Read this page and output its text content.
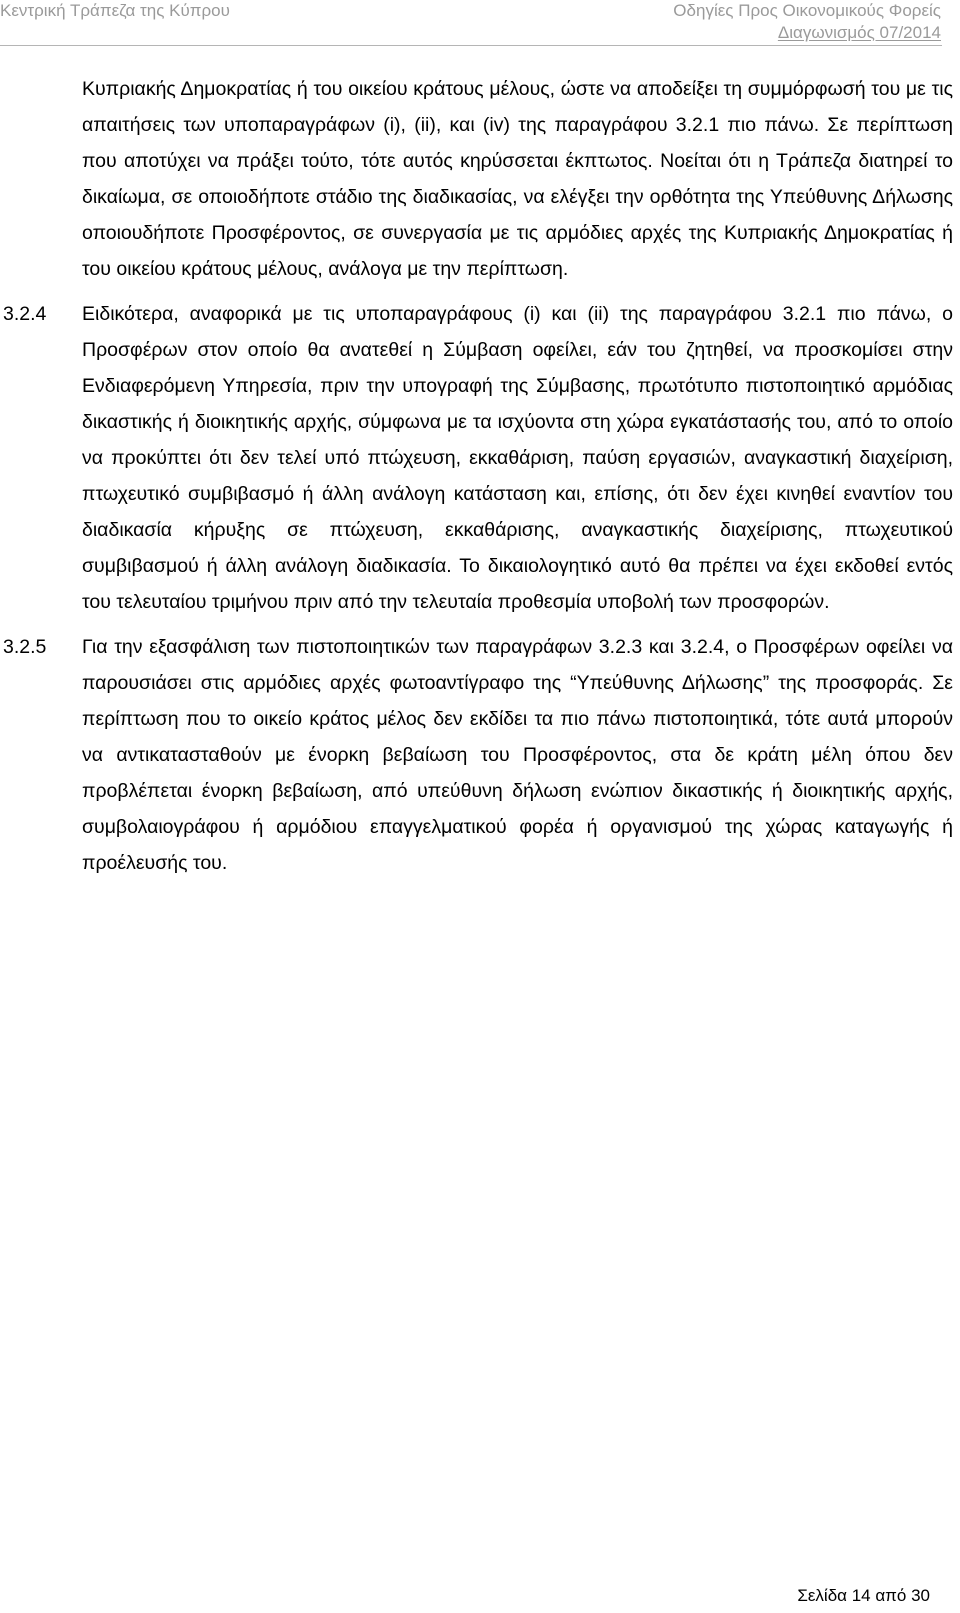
Κεντρική Τράπεζα της Κύπρου	Οδηγίες Προς Οικονομικούς Φορείς
Διαγωνισμός 07/2014

Κυπριακής Δημοκρατίας ή του οικείου κράτους μέλους, ώστε να αποδείξει τη συμμόρφωσή του με τις απαιτήσεις των υποπαραγράφων (i), (ii), και (iv) της παραγράφου 3.2.1 πιο πάνω. Σε περίπτωση που αποτύχει να πράξει τούτο, τότε αυτός κηρύσσεται έκπτωτος. Νοείται ότι η Τράπεζα διατηρεί το δικαίωμα, σε οποιοδήποτε στάδιο της διαδικασίας, να ελέγξει την ορθότητα της Υπεύθυνης Δήλωσης οποιουδήποτε Προσφέροντος, σε συνεργασία με τις αρμόδιες αρχές της Κυπριακής Δημοκρατίας ή του οικείου κράτους μέλους, ανάλογα με την περίπτωση.

3.2.4	Ειδικότερα, αναφορικά με τις υποπαραγράφους (i) και (ii) της παραγράφου 3.2.1 πιο πάνω, ο Προσφέρων στον οποίο θα ανατεθεί η Σύμβαση οφείλει, εάν του ζητηθεί, να προσκομίσει στην Ενδιαφερόμενη Υπηρεσία, πριν την υπογραφή της Σύμβασης, πρωτότυπο πιστοποιητικό αρμόδιας δικαστικής ή διοικητικής αρχής, σύμφωνα με τα ισχύοντα στη χώρα εγκατάστασής του, από το οποίο να προκύπτει ότι δεν τελεί υπό πτώχευση, εκκαθάριση, παύση εργασιών, αναγκαστική διαχείριση, πτωχευτικό συμβιβασμό ή άλλη ανάλογη κατάσταση και, επίσης, ότι δεν έχει κινηθεί εναντίον του διαδικασία κήρυξης σε πτώχευση, εκκαθάρισης, αναγκαστικής διαχείρισης, πτωχευτικού συμβιβασμού ή άλλη ανάλογη διαδικασία. Το δικαιολογητικό αυτό θα πρέπει να έχει εκδοθεί εντός του τελευταίου τριμήνου πριν από την τελευταία προθεσμία υποβολή των προσφορών.
3.2.5	Για την εξασφάλιση των πιστοποιητικών των παραγράφων 3.2.3 και 3.2.4, ο Προσφέρων οφείλει να παρουσιάσει στις αρμόδιες αρχές φωτοαντίγραφο της “Υπεύθυνης Δήλωσης” της προσφοράς. Σε περίπτωση που το οικείο κράτος μέλος δεν εκδίδει τα πιο πάνω πιστοποιητικά, τότε αυτά μπορούν να αντικατασταθούν με ένορκη βεβαίωση του Προσφέροντος, στα δε κράτη μέλη όπου δεν προβλέπεται ένορκη βεβαίωση, από υπεύθυνη δήλωση ενώπιον δικαστικής ή διοικητικής αρχής, συμβολαιογράφου ή αρμόδιου επαγγελματικού φορέα ή οργανισμού της χώρας καταγωγής ή προέλευσής του.
Σελίδα 14 από 30
